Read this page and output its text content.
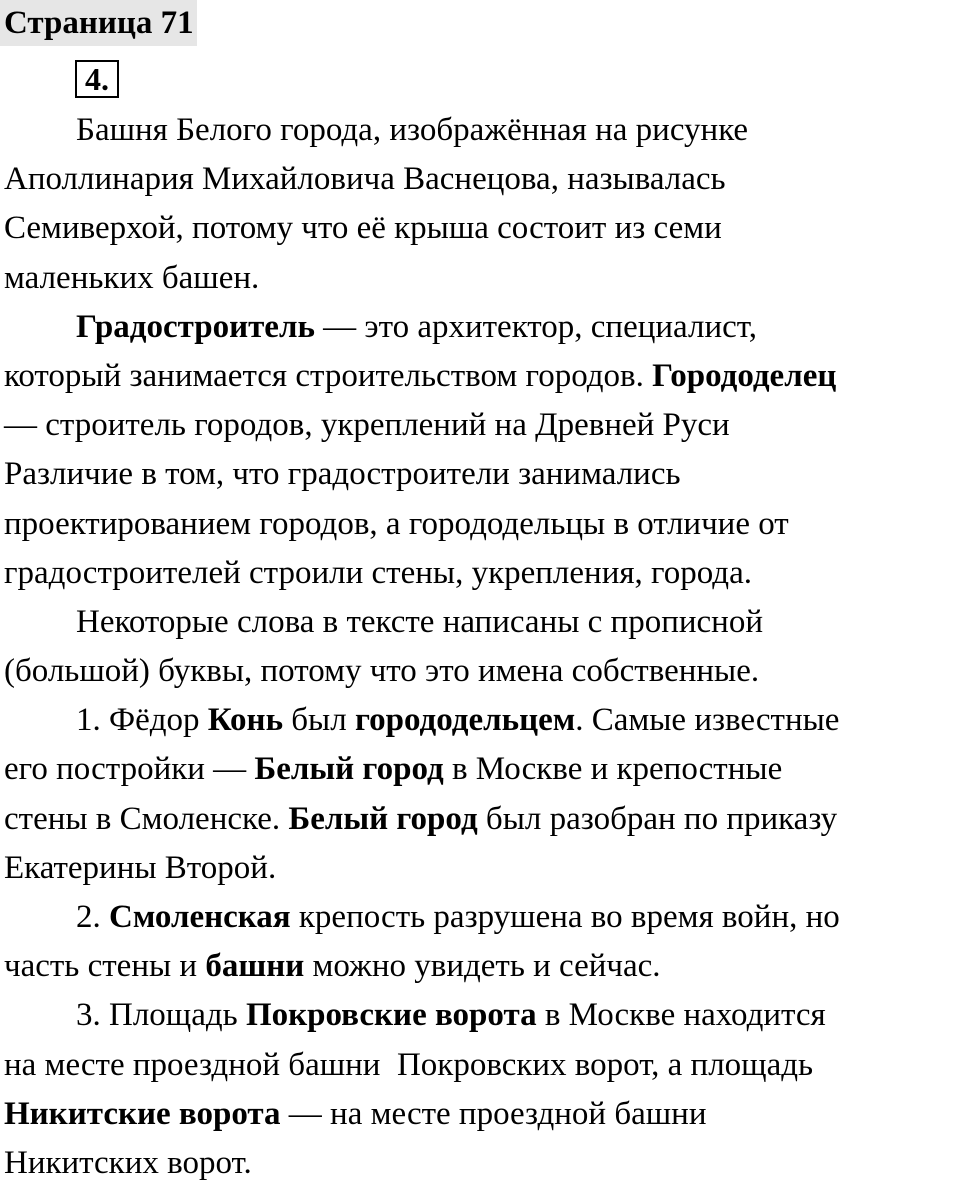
Страница 71
4.
Башня Белого города, изображённая на рисунке
Аполлинария Михайловича Васнецова, называлась
Семиверхой, потому что её крыша состоит из семи
маленьких башен.
Градостроитель — это архитектор, специалист,
который занимается строительством городов. Горододелец
— строитель городов, укреплений на Древней Руси
Различие в том, что градостроители занимались
проектированием городов, а горододельцы в отличие от
градостроителей строили стены, укрепления, города.
Некоторые слова в тексте написаны с прописной
(большой) буквы, потому что это имена собственные.
1. Фёдор Конь был горододельцем. Самые известные
его постройки — Белый город в Москве и крепостные
стены в Смоленске. Белый город был разобран по приказу
Екатерины Второй.
2. Смоленская крепость разрушена во время войн, но
часть стены и башни можно увидеть и сейчас.
3. Площадь Покровские ворота в Москве находится
на месте проездной башни  Покровских ворот, а площадь
Никитские ворота — на месте проездной башни
Никитских ворот.
